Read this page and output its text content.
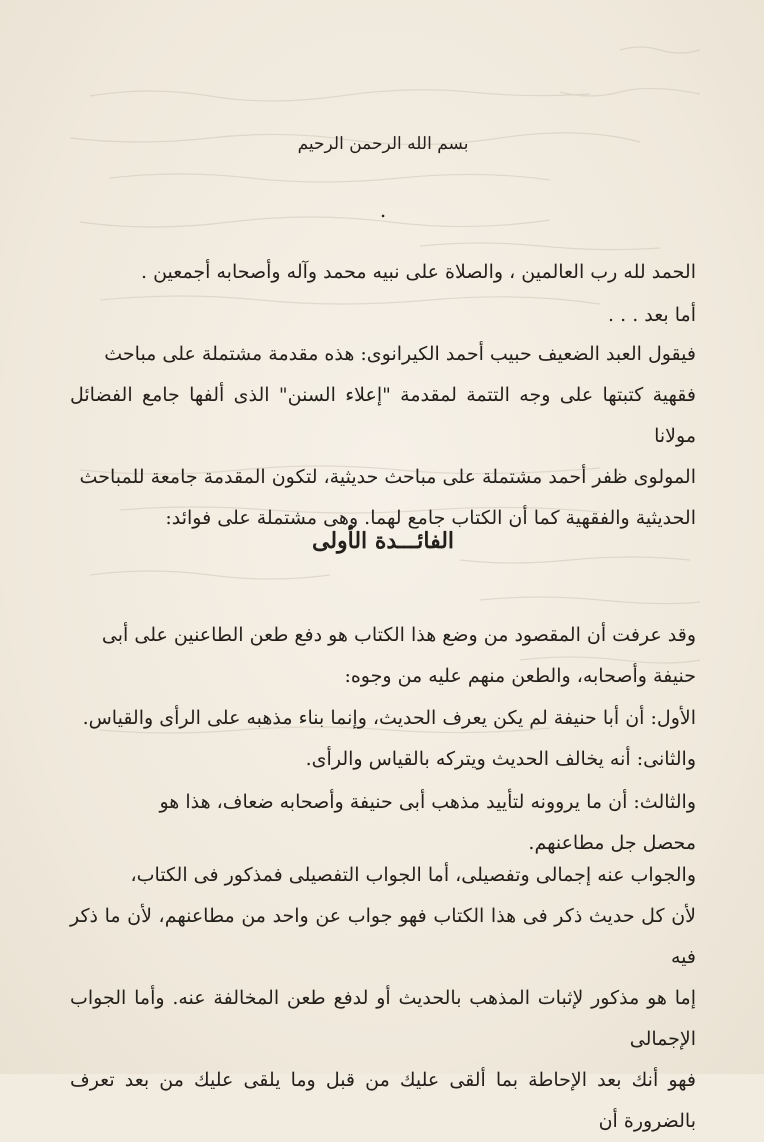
بسم الله الرحمن الرحيم
.
الحمد لله رب العالمين ، والصلاة على نبيه محمد وآله وأصحابه أجمعين .
أما بعد . . .
فيقول العبد الضعيف حبيب أحمد الكيرانوى: هذه مقدمة مشتملة على مباحث
فقهية كتبتها على وجه التتمة لمقدمة "إعلاء السنن" الذى ألفها جامع الفضائل مولانا
المولوى ظفر أحمد مشتملة على مباحث حديثية، لتكون المقدمة جامعة للمباحث
الحديثية والفقهية كما أن الكتاب جامع لهما. وهى مشتملة على فوائد:
الفائـــدة الأولى
وقد عرفت أن المقصود من وضع هذا الكتاب هو دفع طعن الطاعنين على أبى
حنيفة وأصحابه، والطعن منهم عليه من وجوه:
الأول: أن أبا حنيفة لم يكن يعرف الحديث، وإنما بناء مذهبه على الرأى والقياس.
والثانى: أنه يخالف الحديث ويتركه بالقياس والرأى.
والثالث: أن ما يروونه لتأييد مذهب أبى حنيفة وأصحابه ضعاف، هذا هو
محصل جل مطاعنهم.
والجواب عنه إجمالى وتفصيلى، أما الجواب التفصيلى فمذكور فى الكتاب،
لأن كل حديث ذكر فى هذا الكتاب فهو جواب عن واحد من مطاعنهم، لأن ما ذكر فيه
إما هو مذكور لإثبات المذهب بالحديث أو لدفع طعن المخالفة عنه. وأما الجواب الإجمالى
فهو أنك بعد الإحاطة بما ألقى عليك من قبل وما يلقى عليك من بعد تعرف بالضرورة أن
